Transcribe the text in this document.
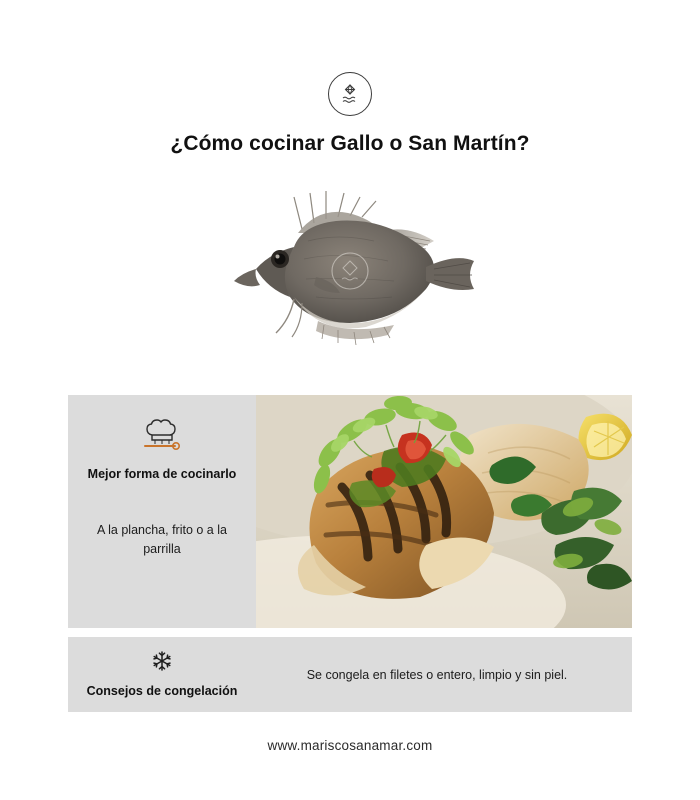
¿Cómo cocinar Gallo o San Martín?
Mejor forma de cocinarlo
A la plancha, frito o a la parrilla
Consejos de congelación
Se congela en filetes o entero, limpio y sin piel.
www.mariscosanamar.com
